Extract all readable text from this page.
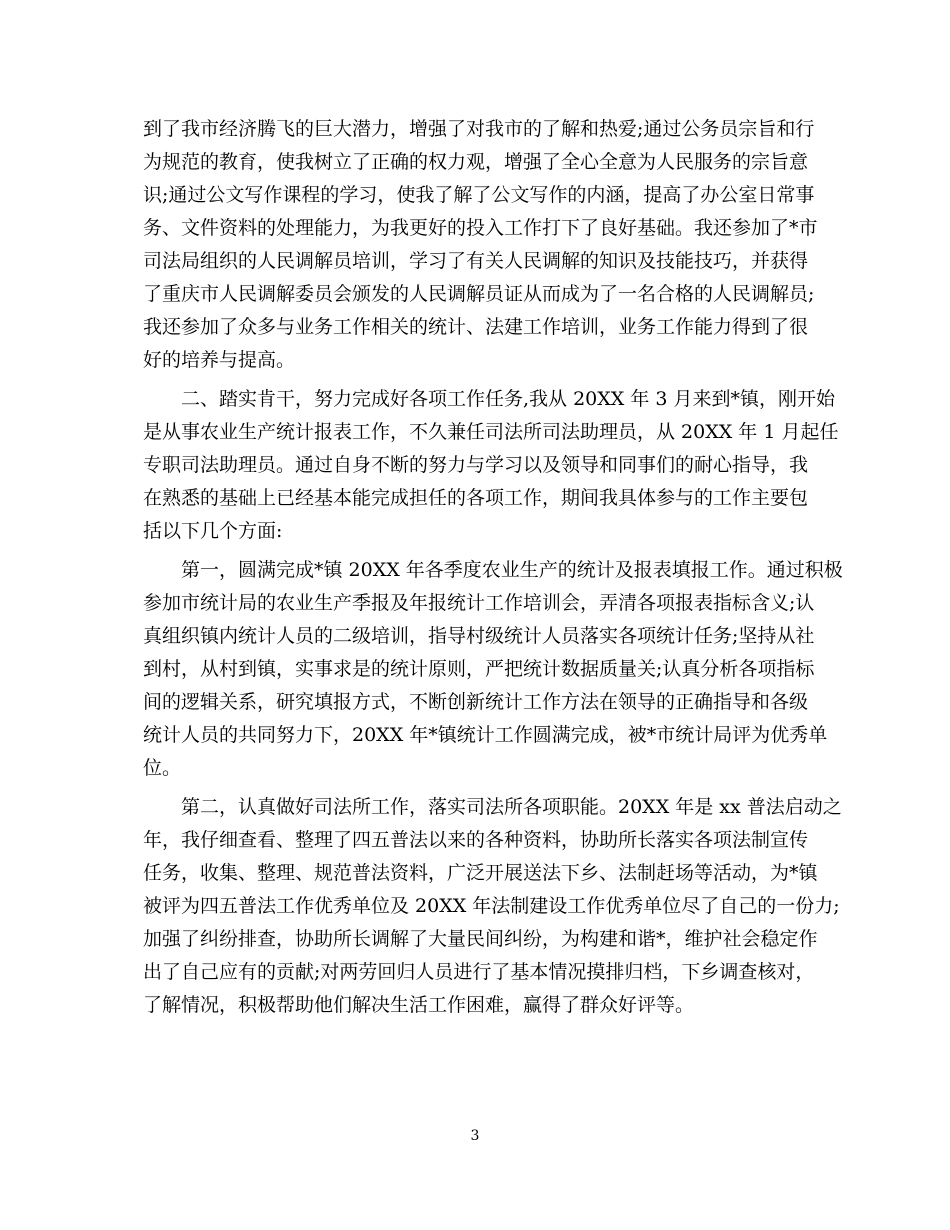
到了我市经济腾飞的巨大潜力，增强了对我市的了解和热爱;通过公务员宗旨和行
为规范的教育，使我树立了正确的权力观，增强了全心全意为人民服务的宗旨意
识;通过公文写作课程的学习，使我了解了公文写作的内涵，提高了办公室日常事
务、文件资料的处理能力，为我更好的投入工作打下了良好基础。我还参加了*市
司法局组织的人民调解员培训，学习了有关人民调解的知识及技能技巧，并获得
了重庆市人民调解委员会颁发的人民调解员证从而成为了一名合格的人民调解员;
我还参加了众多与业务工作相关的统计、法建工作培训，业务工作能力得到了很
好的培养与提高。
二、踏实肯干，努力完成好各项工作任务,我从 20XX 年 3 月来到*镇，刚开始
是从事农业生产统计报表工作，不久兼任司法所司法助理员，从 20XX 年 1 月起任
专职司法助理员。通过自身不断的努力与学习以及领导和同事们的耐心指导，我
在熟悉的基础上已经基本能完成担任的各项工作，期间我具体参与的工作主要包
括以下几个方面:
第一，圆满完成*镇 20XX 年各季度农业生产的统计及报表填报工作。通过积极
参加市统计局的农业生产季报及年报统计工作培训会，弄清各项报表指标含义;认
真组织镇内统计人员的二级培训，指导村级统计人员落实各项统计任务;坚持从社
到村，从村到镇，实事求是的统计原则，严把统计数据质量关;认真分析各项指标
间的逻辑关系，研究填报方式，不断创新统计工作方法在领导的正确指导和各级
统计人员的共同努力下，20XX 年*镇统计工作圆满完成，被*市统计局评为优秀单
位。
第二，认真做好司法所工作，落实司法所各项职能。20XX 年是 xx 普法启动之
年，我仔细查看、整理了四五普法以来的各种资料，协助所长落实各项法制宣传
任务，收集、整理、规范普法资料，广泛开展送法下乡、法制赶场等活动，为*镇
被评为四五普法工作优秀单位及 20XX 年法制建设工作优秀单位尽了自己的一份力;
加强了纠纷排查，协助所长调解了大量民间纠纷，为构建和谐*，维护社会稳定作
出了自己应有的贡献;对两劳回归人员进行了基本情况摸排归档，下乡调查核对，
了解情况，积极帮助他们解决生活工作困难，赢得了群众好评等。
3
